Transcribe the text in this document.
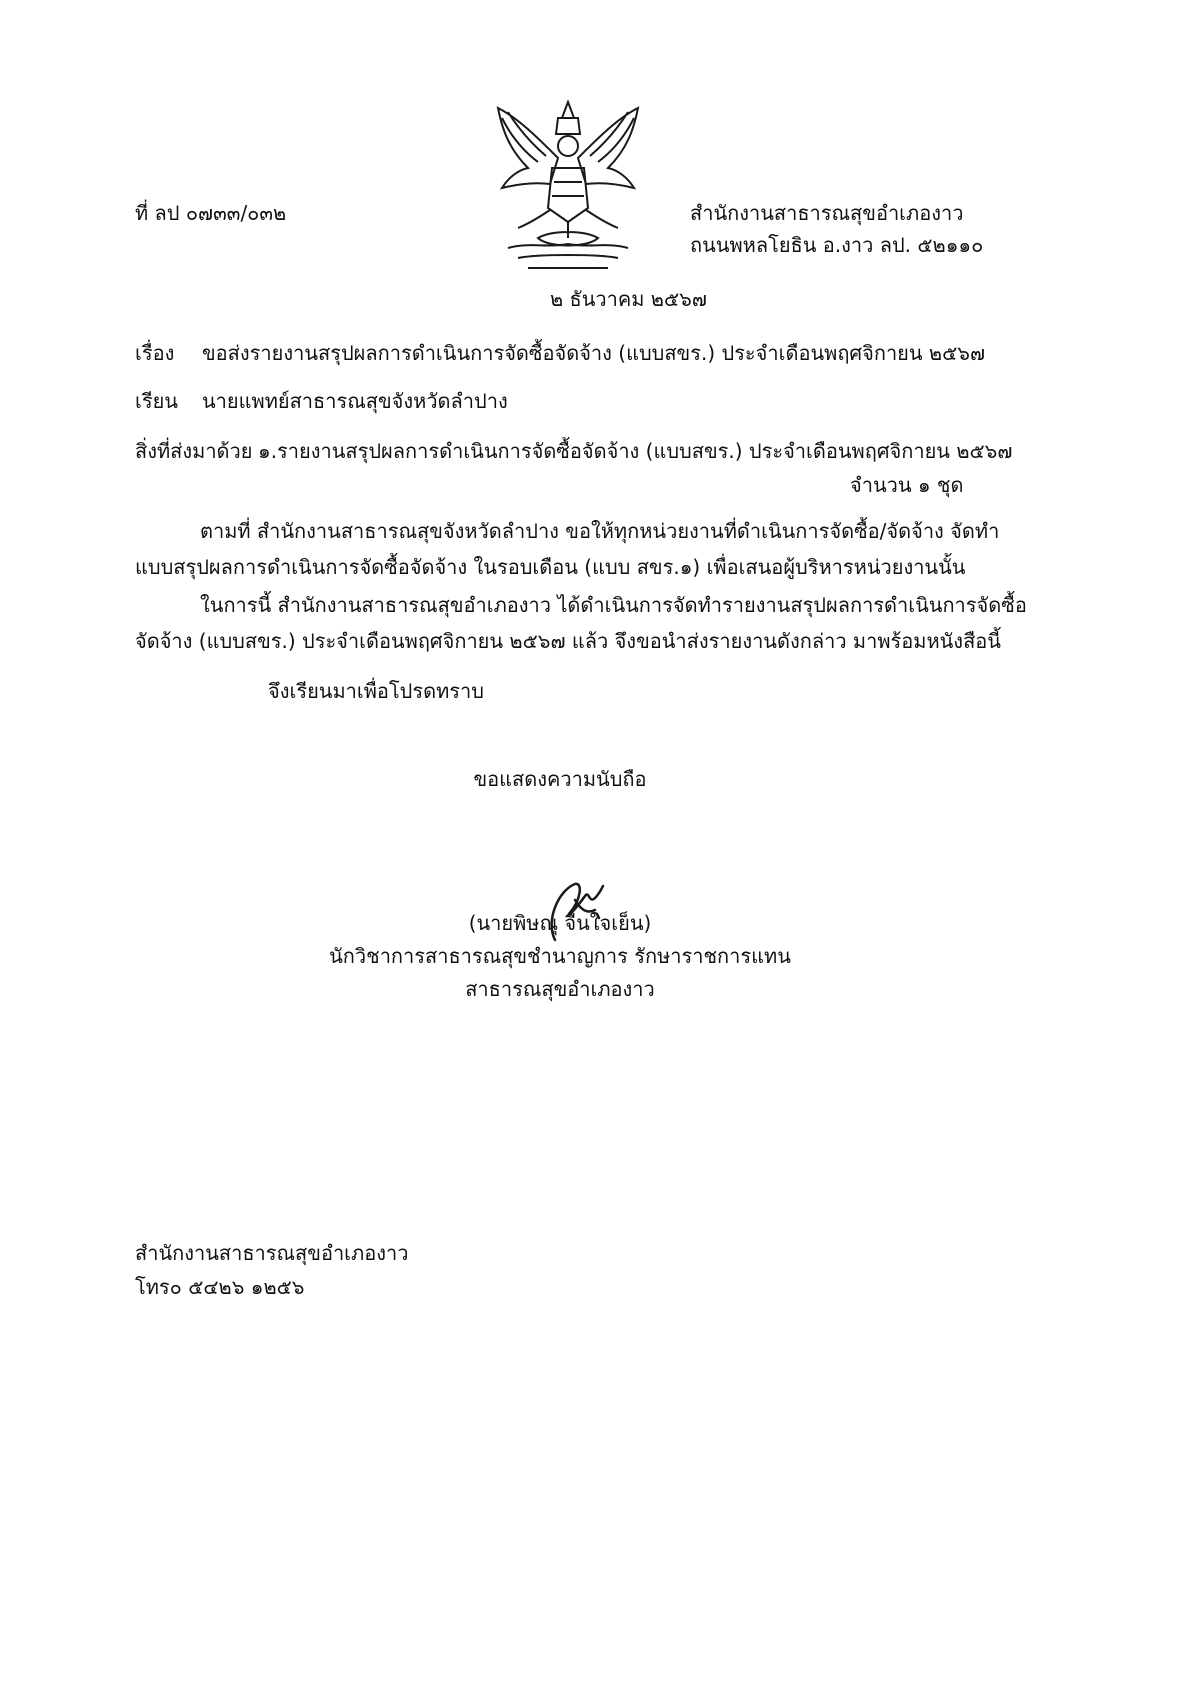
ที่ ลป ๐๗๓๓/๐๓๒	สำนักงานสาธารณสุขอำเภองาว
ถนนพหลโยธิน อ.งาว ลป. ๕๒๑๑๐
๒ ธันวาคม ๒๕๖๗
เรื่อง ขอส่งรายงานสรุปผลการดำเนินการจัดซื้อจัดจ้าง (แบบสขร.) ประจำเดือนพฤศจิกายน ๒๕๖๗
เรียน นายแพทย์สาธารณสุขจังหวัดลำปาง
สิ่งที่ส่งมาด้วย ๑.รายงานสรุปผลการดำเนินการจัดซื้อจัดจ้าง (แบบสขร.) ประจำเดือนพฤศจิกายน ๒๕๖๗
จำนวน ๑ ชุด
ตามที่ สำนักงานสาธารณสุขจังหวัดลำปาง ขอให้ทุกหน่วยงานที่ดำเนินการจัดซื้อ/จัดจ้าง จัดทำ
แบบสรุปผลการดำเนินการจัดซื้อจัดจ้าง ในรอบเดือน (แบบ สขร.๑) เพื่อเสนอผู้บริหารหน่วยงานนั้น
ในการนี้ สำนักงานสาธารณสุขอำเภองาว ได้ดำเนินการจัดทำรายงานสรุปผลการดำเนินการจัดซื้อ
จัดจ้าง (แบบสขร.) ประจำเดือนพฤศจิกายน ๒๕๖๗ แล้ว จึงขอนำส่งรายงานดังกล่าว มาพร้อมหนังสือนี้
จึงเรียนมาเพื่อโปรดทราบ
ขอแสดงความนับถือ
(นายพิษณุ จีนใจเย็น)
นักวิชาการสาธารณสุขชำนาญการ รักษาราชการแทน
สาธารณสุขอำเภองาว
สำนักงานสาธารณสุขอำเภองาว
โทร๐ ๕๔๒๖ ๑๒๕๖
